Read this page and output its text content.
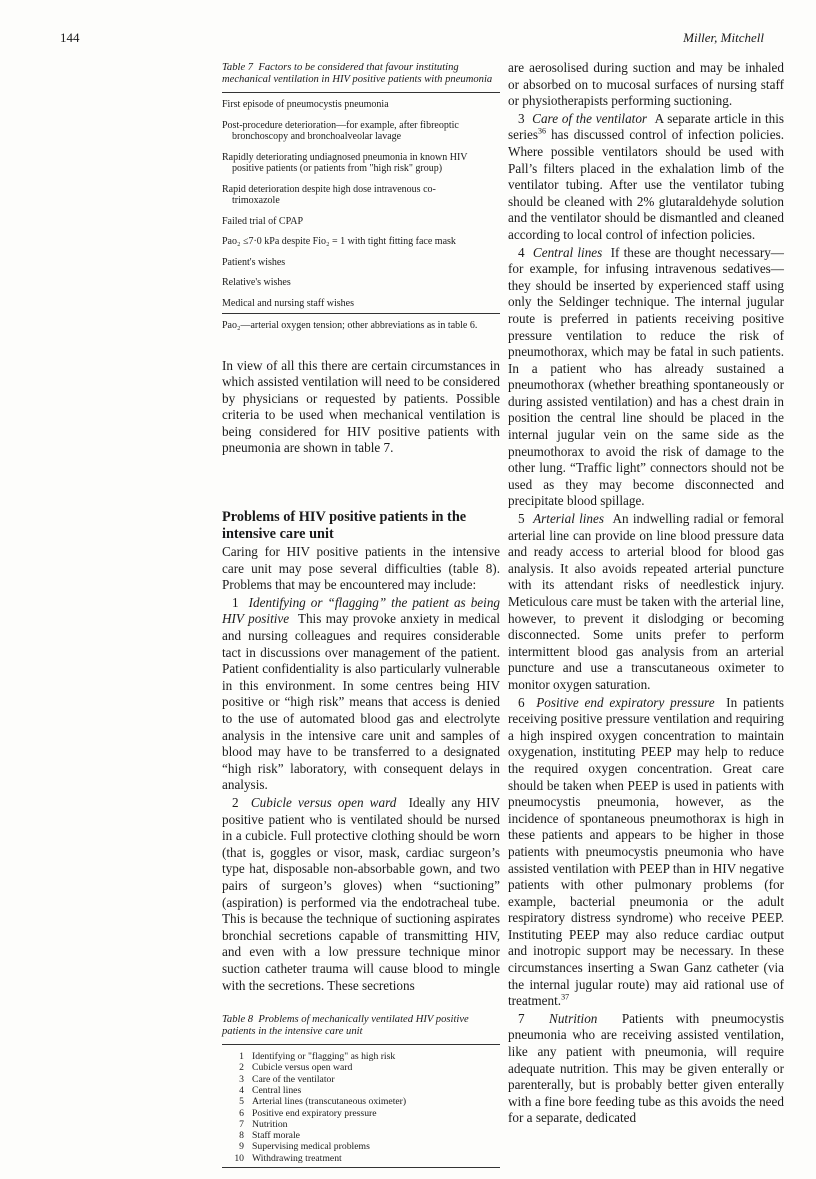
144	Miller, Mitchell

Table 7 Factors to be considered that favour instituting mechanical ventilation in HIV positive patients with pneumonia

First episode of pneumocystis pneumonia
Post-procedure deterioration—for example, after fibreoptic
bronchoscopy and bronchoalveolar lavage
Rapidly deteriorating undiagnosed pneumonia in known HIV
positive patients (or patients from "high risk" group)
Rapid deterioration despite high dose intravenous co-
trimoxazole
Failed trial of CPAP
Pao₂ ≤7·0 kPa despite Fio₂ = 1 with tight fitting face mask
Patient's wishes
Relative's wishes
Medical and nursing staff wishes

Pao₂—arterial oxygen tension; other abbreviations as in table 6.

In view of all this there are certain circumstances in which assisted ventilation will need to be considered by physicians or requested by patients. Possible criteria to be used when mechanical ventilation is being considered for HIV positive patients with pneumonia are shown in table 7.

Problems of HIV positive patients in the intensive care unit

Caring for HIV positive patients in the intensive care unit may pose several difficulties (table 8). Problems that may be encountered may include:

1 Identifying or “flagging” the patient as being HIV positive This may provoke anxiety in medical and nursing colleagues and requires considerable tact in discussions over management of the patient. Patient confidentiality is also particularly vulnerable in this environment. In some centres being HIV positive or “high risk” means that access is denied to the use of automated blood gas and electrolyte analysis in the intensive care unit and samples of blood may have to be transferred to a designated “high risk” laboratory, with consequent delays in analysis.

2 Cubicle versus open ward Ideally any HIV positive patient who is ventilated should be nursed in a cubicle. Full protective clothing should be worn (that is, goggles or visor, mask, cardiac surgeon’s type hat, disposable non-absorbable gown, and two pairs of surgeon’s gloves) when “suctioning” (aspiration) is performed via the endotracheal tube. This is because the technique of suctioning aspirates bronchial secretions capable of transmitting HIV, and even with a low pressure technique minor suction catheter trauma will cause blood to mingle with the secretions. These secretions

Table 8 Problems of mechanically ventilated HIV positive patients in the intensive care unit

1 Identifying or "flagging" as high risk
2 Cubicle versus open ward
3 Care of the ventilator
4 Central lines
5 Arterial lines (transcutaneous oximeter)
6 Positive end expiratory pressure
7 Nutrition
8 Staff morale
9 Supervising medical problems
10 Withdrawing treatment

are aerosolised during suction and may be inhaled or absorbed on to mucosal surfaces of nursing staff or physiotherapists performing suctioning.

3 Care of the ventilator A separate article in this series$^{36}$ has discussed control of infection policies. Where possible ventilators should be used with Pall’s filters placed in the exhalation limb of the ventilator tubing. After use the ventilator tubing should be cleaned with 2% glutaraldehyde solution and the ventilator should be dismantled and cleaned according to local control of infection policies.

4 Central lines If these are thought necessary—for example, for infusing intravenous sedatives—they should be inserted by experienced staff using only the Seldinger technique. The internal jugular route is preferred in patients receiving positive pressure ventilation to reduce the risk of pneumothorax, which may be fatal in such patients. In a patient who has already sustained a pneumothorax (whether breathing spontaneously or during assisted ventilation) and has a chest drain in position the central line should be placed in the internal jugular vein on the same side as the pneumothorax to avoid the risk of damage to the other lung. “Traffic light” connectors should not be used as they may become disconnected and precipitate blood spillage.

5 Arterial lines An indwelling radial or femoral arterial line can provide on line blood pressure data and ready access to arterial blood for blood gas analysis. It also avoids repeated arterial puncture with its attendant risks of needlestick injury. Meticulous care must be taken with the arterial line, however, to prevent it dislodging or becoming disconnected. Some units prefer to perform intermittent blood gas analysis from an arterial puncture and use a transcutaneous oximeter to monitor oxygen saturation.

6 Positive end expiratory pressure In patients receiving positive pressure ventilation and requiring a high inspired oxygen concentration to maintain oxygenation, instituting PEEP may help to reduce the required oxygen concentration. Great care should be taken when PEEP is used in patients with pneumocystis pneumonia, however, as the incidence of spontaneous pneumothorax is high in these patients and appears to be higher in those patients with pneumocystis pneumonia who have assisted ventilation with PEEP than in HIV negative patients with other pulmonary problems (for example, bacterial pneumonia or the adult respiratory distress syndrome) who receive PEEP. Instituting PEEP may also reduce cardiac output and inotropic support may be necessary. In these circumstances inserting a Swan Ganz catheter (via the internal jugular route) may aid rational use of treatment.$^{37}$

7 Nutrition Patients with pneumocystis pneumonia who are receiving assisted ventilation, like any patient with pneumonia, will require adequate nutrition. This may be given enterally or parenterally, but is probably better given enterally with a fine bore feeding tube as this avoids the need for a separate, dedicated
